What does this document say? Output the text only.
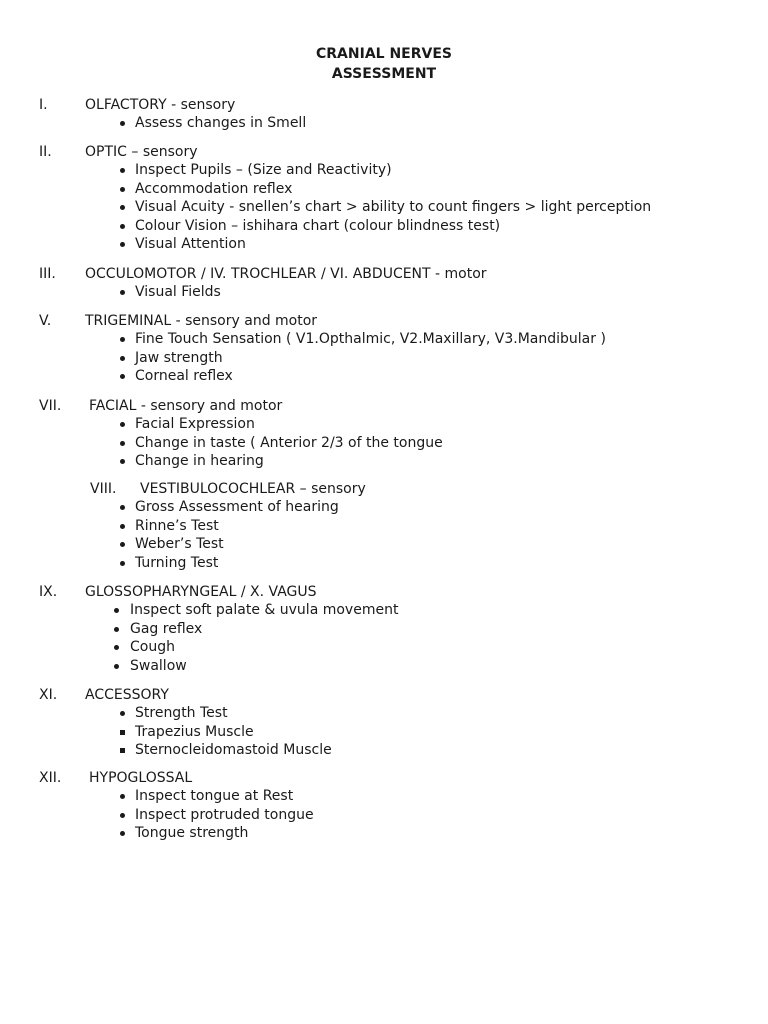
CRANIAL NERVES
ASSESSMENT
I.	OLFACTORY - sensory
Assess changes in Smell
II. OPTIC – sensory
Inspect Pupils – (Size and Reactivity)
Accommodation reflex
Visual Acuity - snellen’s chart > ability to count fingers > light perception
Colour Vision – ishihara chart (colour blindness test)
Visual Attention
III. OCCULOMOTOR / IV. TROCHLEAR / VI. ABDUCENT - motor
Visual Fields
V. TRIGEMINAL - sensory and motor
Fine Touch Sensation ( V1.Opthalmic, V2.Maxillary, V3.Mandibular )
Jaw strength
Corneal reflex
VII. FACIAL - sensory and motor
Facial Expression
Change in taste ( Anterior 2/3 of the tongue
Change in hearing
VIII. VESTIBULOCOCHLEAR – sensory
Gross Assessment of hearing
Rinne’s Test
Weber’s Test
Turning Test
IX. GLOSSOPHARYNGEAL / X. VAGUS
Inspect soft palate & uvula movement
Gag reflex
Cough
Swallow
XI. ACCESSORY
Strength Test
Trapezius Muscle
Sternocleidomastoid Muscle
XII. HYPOGLOSSAL
Inspect tongue at Rest
Inspect protruded tongue
Tongue strength
